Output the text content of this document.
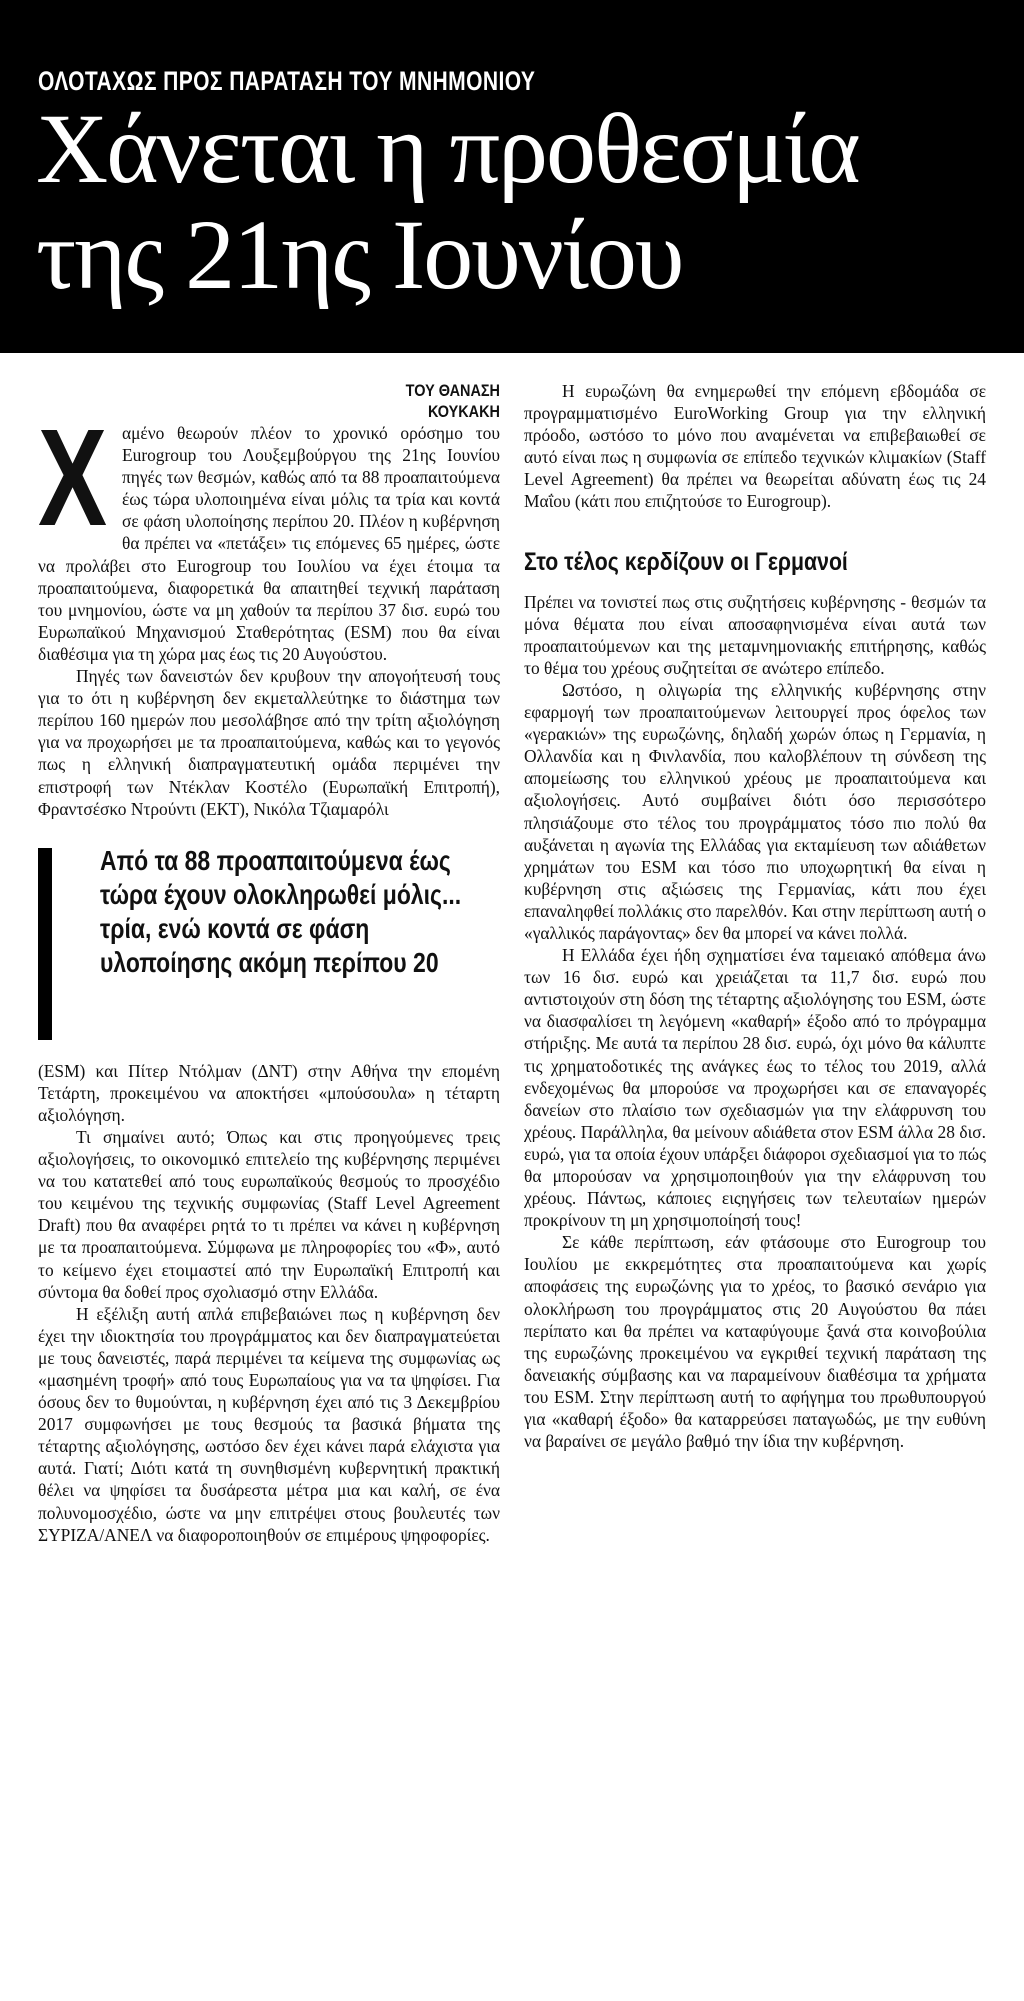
ΟΛΟΤΑΧΩΣ ΠΡΟΣ ΠΑΡΑΤΑΣΗ ΤΟΥ ΜΝΗΜΟΝΙΟΥ
Χάνεται η προθεσμία
της 21ης Ιουνίου
ΤΟΥ ΘΑΝΑΣΗ
ΚΟΥΚΑΚΗ
Χ αμένο θεωρούν πλέον το χρονικό ορόσημο του Eurogroup του Λουξεμβούργου της 21ης Ιουνίου πηγές των θεσμών, καθώς από τα 88 προαπαιτούμενα έως τώρα υλοποιημένα είναι μόλις τα τρία και κοντά σε φάση υλοποίησης περίπου 20. Πλέον η κυβέρνηση θα πρέπει να «πετάξει» τις επόμενες 65 ημέρες, ώστε να προλάβει στο Eurogroup του Ιουλίου να έχει έτοιμα τα προαπαιτούμενα, διαφορετικά θα απαιτηθεί τεχνική παράταση του μνημονίου, ώστε να μη χαθούν τα περίπου 37 δισ. ευρώ του Ευρωπαϊκού Μηχανισμού Σταθερότητας (ESM) που θα είναι διαθέσιμα για τη χώρα μας έως τις 20 Αυγούστου.

Πηγές των δανειστών δεν κρυβουν την απογοήτευσή τους για το ότι η κυβέρνηση δεν εκμεταλλεύτηκε το διάστημα των περίπου 160 ημερών που μεσολάβησε από την τρίτη αξιολόγηση για να προχωρήσει με τα προαπαιτούμενα, καθώς και το γεγονός πως η ελληνική διαπραγματευτική ομάδα περιμένει την επιστροφή των Ντέκλαν Κοστέλο (Ευρωπαϊκή Επιτροπή), Φραντσέσκο Ντρούντι (ΕΚΤ), Νικόλα Τζιαμαρόλι

Από τα 88 προαπαιτούμενα έως τώρα έχουν ολοκληρωθεί μόλις... τρία, ενώ κοντά σε φάση υλοποίησης ακόμη περίπου 20

(ESM) και Πίτερ Ντόλμαν (ΔΝΤ) στην Αθήνα την επομένη Τετάρτη, προκειμένου να αποκτήσει «μπούσουλα» η τέταρτη αξιολόγηση.

Τι σημαίνει αυτό; Όπως και στις προηγούμενες τρεις αξιολογήσεις, το οικονομικό επιτελείο της κυβέρνησης περιμένει να του κατατεθεί από τους ευρωπαϊκούς θεσμούς το προσχέδιο του κειμένου της τεχνικής συμφωνίας (Staff Level Agreement Draft) που θα αναφέρει ρητά το τι πρέπει να κάνει η κυβέρνηση με τα προαπαιτούμενα. Σύμφωνα με πληροφορίες του «Φ», αυτό το κείμενο έχει ετοιμαστεί από την Ευρωπαϊκή Επιτροπή και σύντομα θα δοθεί προς σχολιασμό στην Ελλάδα.

Η εξέλιξη αυτή απλά επιβεβαιώνει πως η κυβέρνηση δεν έχει την ιδιοκτησία του προγράμματος και δεν διαπραγματεύεται με τους δανειστές, παρά περιμένει τα κείμενα της συμφωνίας ως «μασημένη τροφή» από τους Ευρωπαίους για να τα ψηφίσει. Για όσους δεν το θυμούνται, η κυβέρνηση έχει από τις 3 Δεκεμβρίου 2017 συμφωνήσει με τους θεσμούς τα βασικά βήματα της τέταρτης αξιολόγησης, ωστόσο δεν έχει κάνει παρά ελάχιστα για αυτά. Γιατί; Διότι κατά τη συνηθισμένη κυβερνητική πρακτική θέλει να ψηφίσει τα δυσάρεστα μέτρα μια και καλή, σε ένα πολυνομοσχέδιο, ώστε να μην επιτρέψει στους βουλευτές των ΣΥΡΙΖΑ/ΑΝΕΛ να διαφοροποιηθούν σε επιμέρους ψηφοφορίες.

Η ευρωζώνη θα ενημερωθεί την επόμενη εβδομάδα σε προγραμματισμένο EuroWorking Group για την ελληνική πρόοδο, ωστόσο το μόνο που αναμένεται να επιβεβαιωθεί σε αυτό είναι πως η συμφωνία σε επίπεδο τεχνικών κλιμακίων (Staff Level Agreement) θα πρέπει να θεωρείται αδύνατη έως τις 24 Μαΐου (κάτι που επιζητούσε το Eurogroup).

Στο τέλος κερδίζουν οι Γερμανοί

Πρέπει να τονιστεί πως στις συζητήσεις κυβέρνησης - θεσμών τα μόνα θέματα που είναι αποσαφηνισμένα είναι αυτά των προαπαιτούμενων και της μεταμνημονιακής επιτήρησης, καθώς το θέμα του χρέους συζητείται σε ανώτερο επίπεδο.

Ωστόσο, η ολιγωρία της ελληνικής κυβέρνησης στην εφαρμογή των προαπαιτούμενων λειτουργεί προς όφελος των «γερακιών» της ευρωζώνης, δηλαδή χωρών όπως η Γερμανία, η Ολλανδία και η Φινλανδία, που καλοβλέπουν τη σύνδεση της απομείωσης του ελληνικού χρέους με προαπαιτούμενα και αξιολογήσεις. Αυτό συμβαίνει διότι όσο περισσότερο πλησιάζουμε στο τέλος του προγράμματος τόσο πιο πολύ θα αυξάνεται η αγωνία της Ελλάδας για εκταμίευση των αδιάθετων χρημάτων του ESM και τόσο πιο υποχωρητική θα είναι η κυβέρνηση στις αξιώσεις της Γερμανίας, κάτι που έχει επαναληφθεί πολλάκις στο παρελθόν. Και στην περίπτωση αυτή ο «γαλλικός παράγοντας» δεν θα μπορεί να κάνει πολλά.

Η Ελλάδα έχει ήδη σχηματίσει ένα ταμειακό απόθεμα άνω των 16 δισ. ευρώ και χρειάζεται τα 11,7 δισ. ευρώ που αντιστοιχούν στη δόση της τέταρτης αξιολόγησης του ESM, ώστε να διασφαλίσει τη λεγόμενη «καθαρή» έξοδο από το πρόγραμμα στήριξης. Με αυτά τα περίπου 28 δισ. ευρώ, όχι μόνο θα κάλυπτε τις χρηματοδοτικές της ανάγκες έως το τέλος του 2019, αλλά ενδεχομένως θα μπορούσε να προχωρήσει και σε επαναγορές δανείων στο πλαίσιο των σχεδιασμών για την ελάφρυνση του χρέους. Παράλληλα, θα μείνουν αδιάθετα στον ESM άλλα 28 δισ. ευρώ, για τα οποία έχουν υπάρξει διάφοροι σχεδιασμοί για το πώς θα μπορούσαν να χρησιμοποιηθούν για την ελάφρυνση του χρέους. Πάντως, κάποιες ειςηγήσεις των τελευταίων ημερών προκρίνουν τη μη χρησιμοποίησή τους!

Σε κάθε περίπτωση, εάν φτάσουμε στο Eurogroup του Ιουλίου με εκκρεμότητες στα προαπαιτούμενα και χωρίς αποφάσεις της ευρωζώνης για το χρέος, το βασικό σενάριο για ολοκλήρωση του προγράμματος στις 20 Αυγούστου θα πάει περίπατο και θα πρέπει να καταφύγουμε ξανά στα κοινοβούλια της ευρωζώνης προκειμένου να εγκριθεί τεχνική παράταση της δανειακής σύμβασης και να παραμείνουν διαθέσιμα τα χρήματα του ESM. Στην περίπτωση αυτή το αφήγημα του πρωθυπουργού για «καθαρή έξοδο» θα καταρρεύσει παταγωδώς, με την ευθύνη να βαραίνει σε μεγάλο βαθμό την ίδια την κυβέρνηση.
